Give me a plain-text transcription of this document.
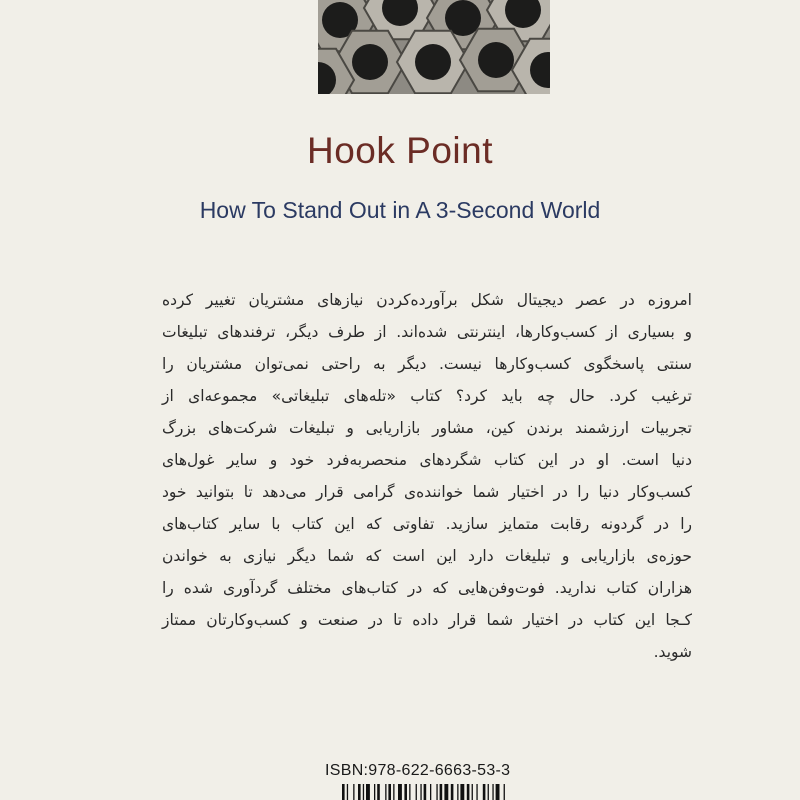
Hook Point
How To Stand Out in A 3-Second World
امروزه در عصر دیجیتال شکل برآورده‌کردن نیازهای مشتریان تغییر کرده
و بسیاری از کسب‌وکارها، اینترنتی شده‌اند. از طرف دیگر، ترفندهای تبلیغات
سنتی پاسخگوی کسب‌وکارها نیست. دیگر به راحتی نمی‌توان مشتریان را
ترغیب کرد. حال چه باید کرد؟ کتاب «تله‌های تبلیغاتی» مجموعه‌ای از
تجربیات ارزشمند برندن کین، مشاور بازاریابی و تبلیغات شرکت‌های بزرگ
دنیا است. او در این کتاب شگردهای منحصربه‌فرد خود و سایر غول‌های
کسب‌وکار دنیا را در اختیار شما خواننده‌ی گرامی قرار می‌دهد تا بتوانید خود
را در گردونه رقابت متمایز سازید. تفاوتی که این کتاب با سایر کتاب‌های
حوزه‌ی بازاریابی و تبلیغات دارد این است که شما دیگر نیازی به خواندن
هزاران کتاب ندارید. فوت‌وفن‌هایی که در کتاب‌های مختلف گردآوری شده را
کـجا این کتاب در اختیار شما قرار داده تا در صنعت و کسب‌وکارتان ممتاز
شوید.
ISBN:978-622-6663-53-3
